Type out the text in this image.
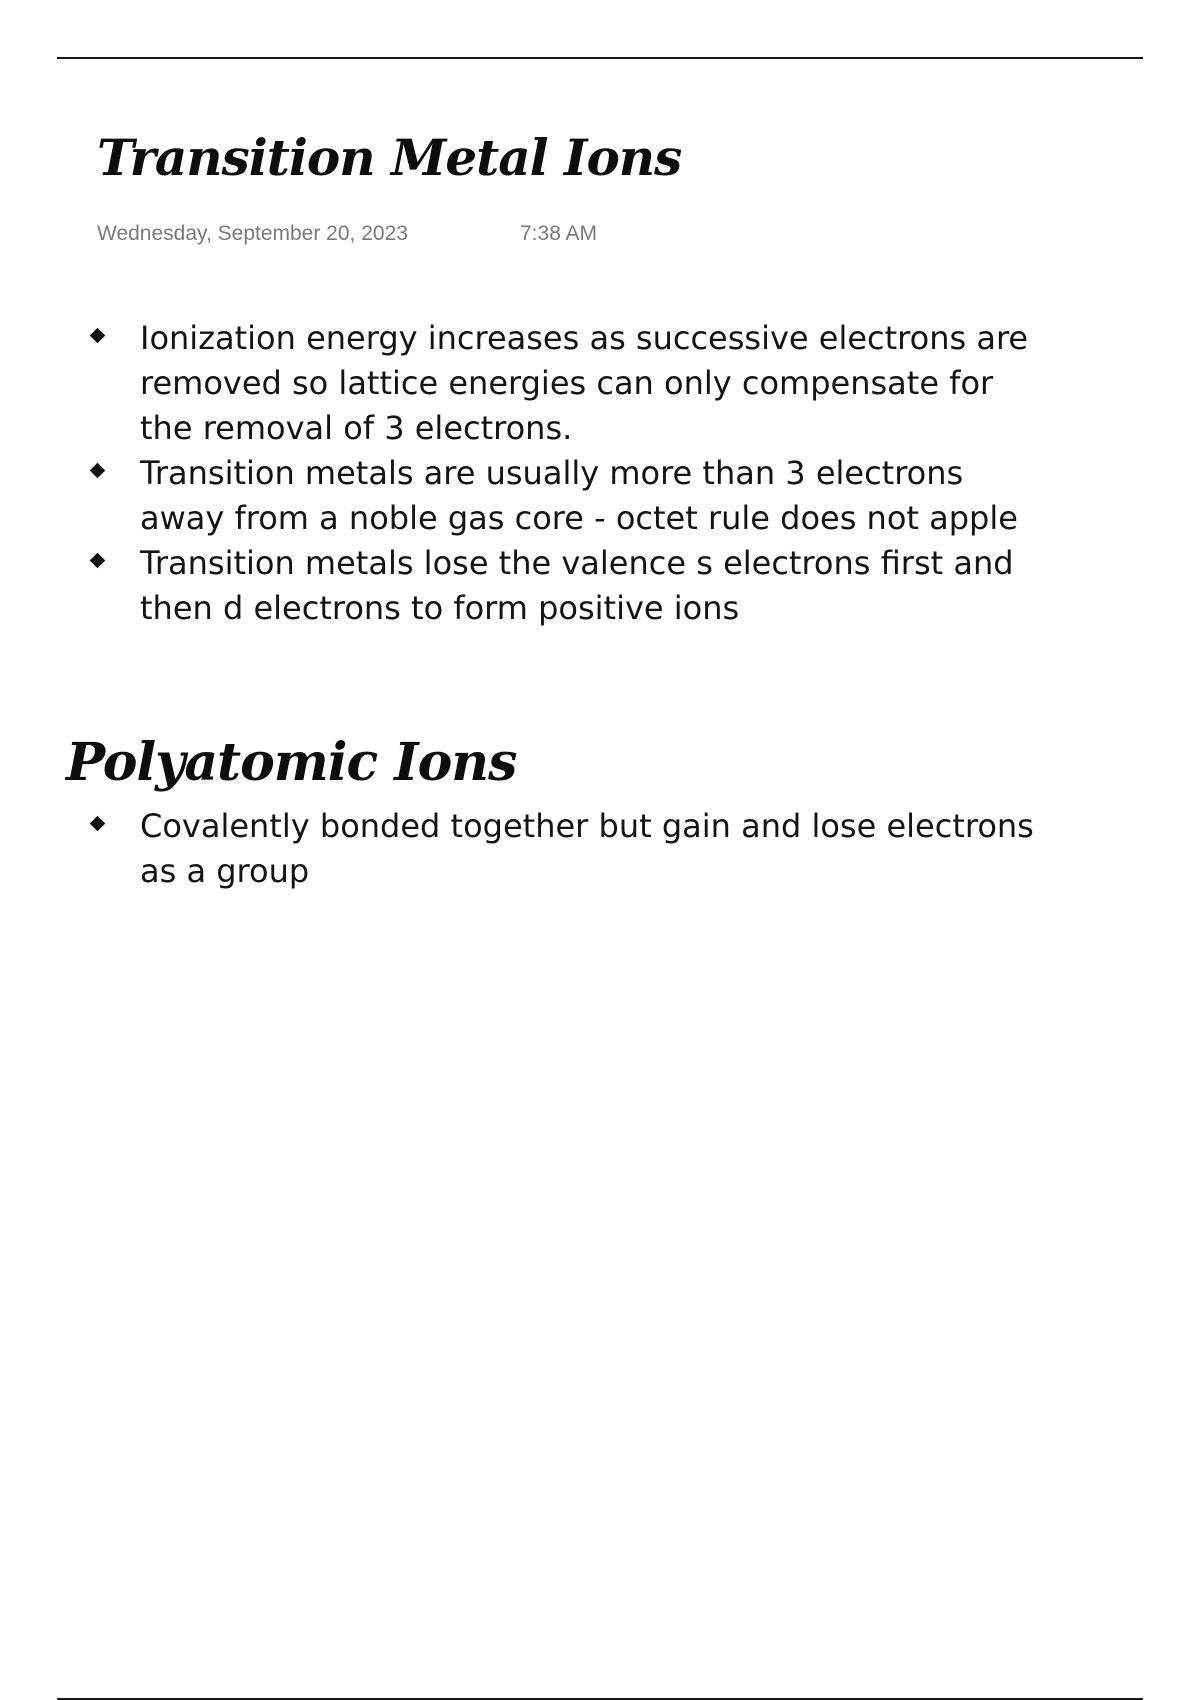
Transition Metal Ions
Wednesday, September 20, 2023	7:38 AM
Ionization energy increases as successive electrons are removed so lattice energies can only compensate for the removal of 3 electrons.
Transition metals are usually more than 3 electrons away from a noble gas core - octet rule does not apple
Transition metals lose the valence s electrons first and then d electrons to form positive ions
Polyatomic Ions
Covalently bonded together but gain and lose electrons as a group
